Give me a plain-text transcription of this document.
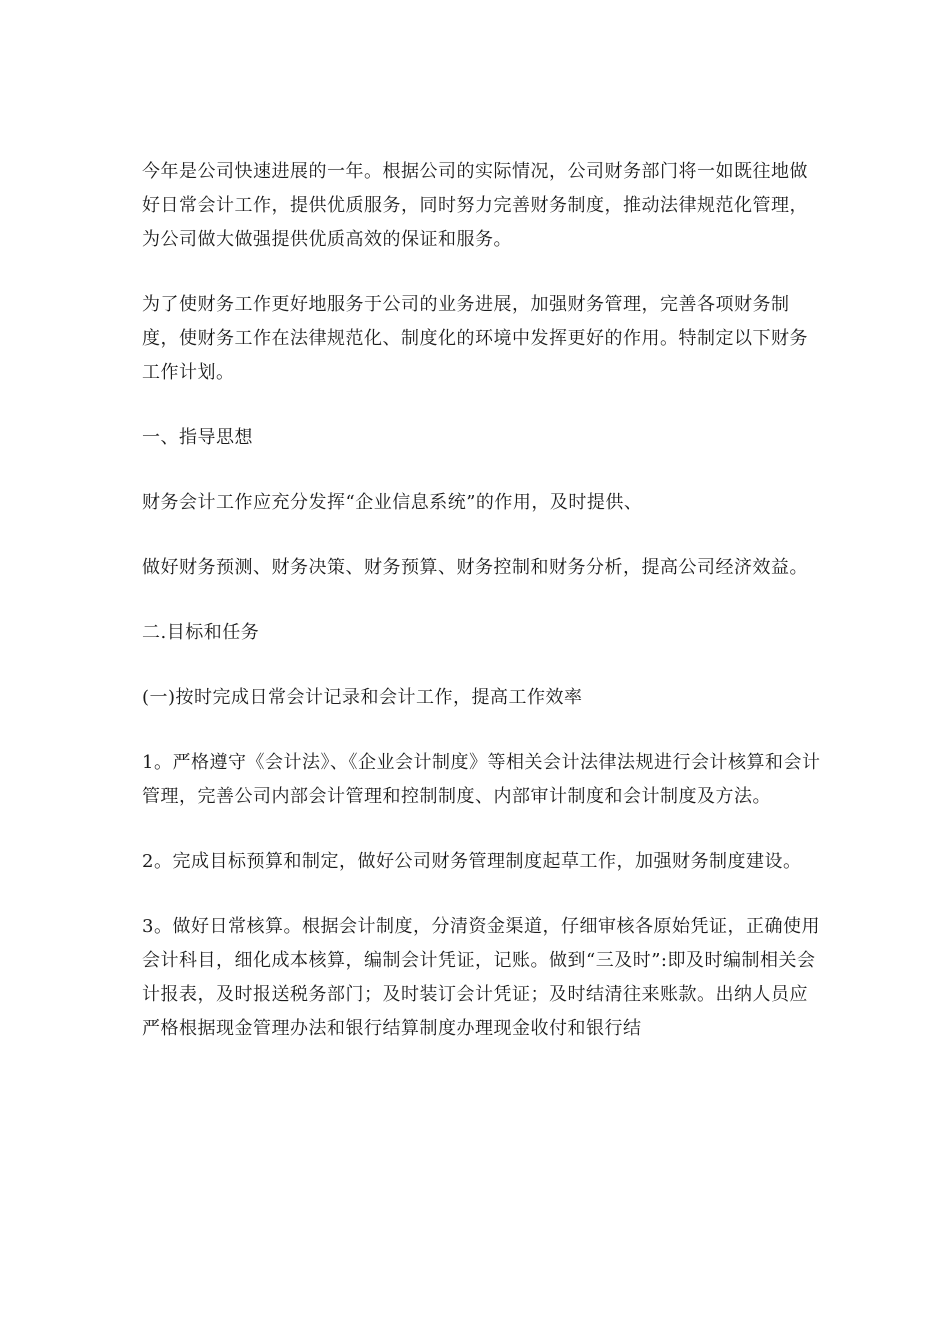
今年是公司快速进展的一年。根据公司的实际情况，公司财务部门将一如既往地做好日常会计工作，提供优质服务，同时努力完善财务制度，推动法律规范化管理，为公司做大做强提供优质高效的保证和服务。

为了使财务工作更好地服务于公司的业务进展，加强财务管理，完善各项财务制度，使财务工作在法律规范化、制度化的环境中发挥更好的作用。特制定以下财务工作计划。

一、指导思想

财务会计工作应充分发挥“企业信息系统”的作用，及时提供、

做好财务预测、财务决策、财务预算、财务控制和财务分析，提高公司经济效益。

二.目标和任务

(一)按时完成日常会计记录和会计工作，提高工作效率

1。严格遵守《会计法》、《企业会计制度》等相关会计法律法规进行会计核算和会计管理，完善公司内部会计管理和控制制度、内部审计制度和会计制度及方法。

2。完成目标预算和制定，做好公司财务管理制度起草工作，加强财务制度建设。

3。做好日常核算。根据会计制度，分清资金渠道，仔细审核各原始凭证，正确使用会计科目，细化成本核算，编制会计凭证，记账。做到“三及时”:即及时编制相关会计报表，及时报送税务部门；及时装订会计凭证；及时结清往来账款。出纳人员应严格根据现金管理办法和银行结算制度办理现金收付和银行结
